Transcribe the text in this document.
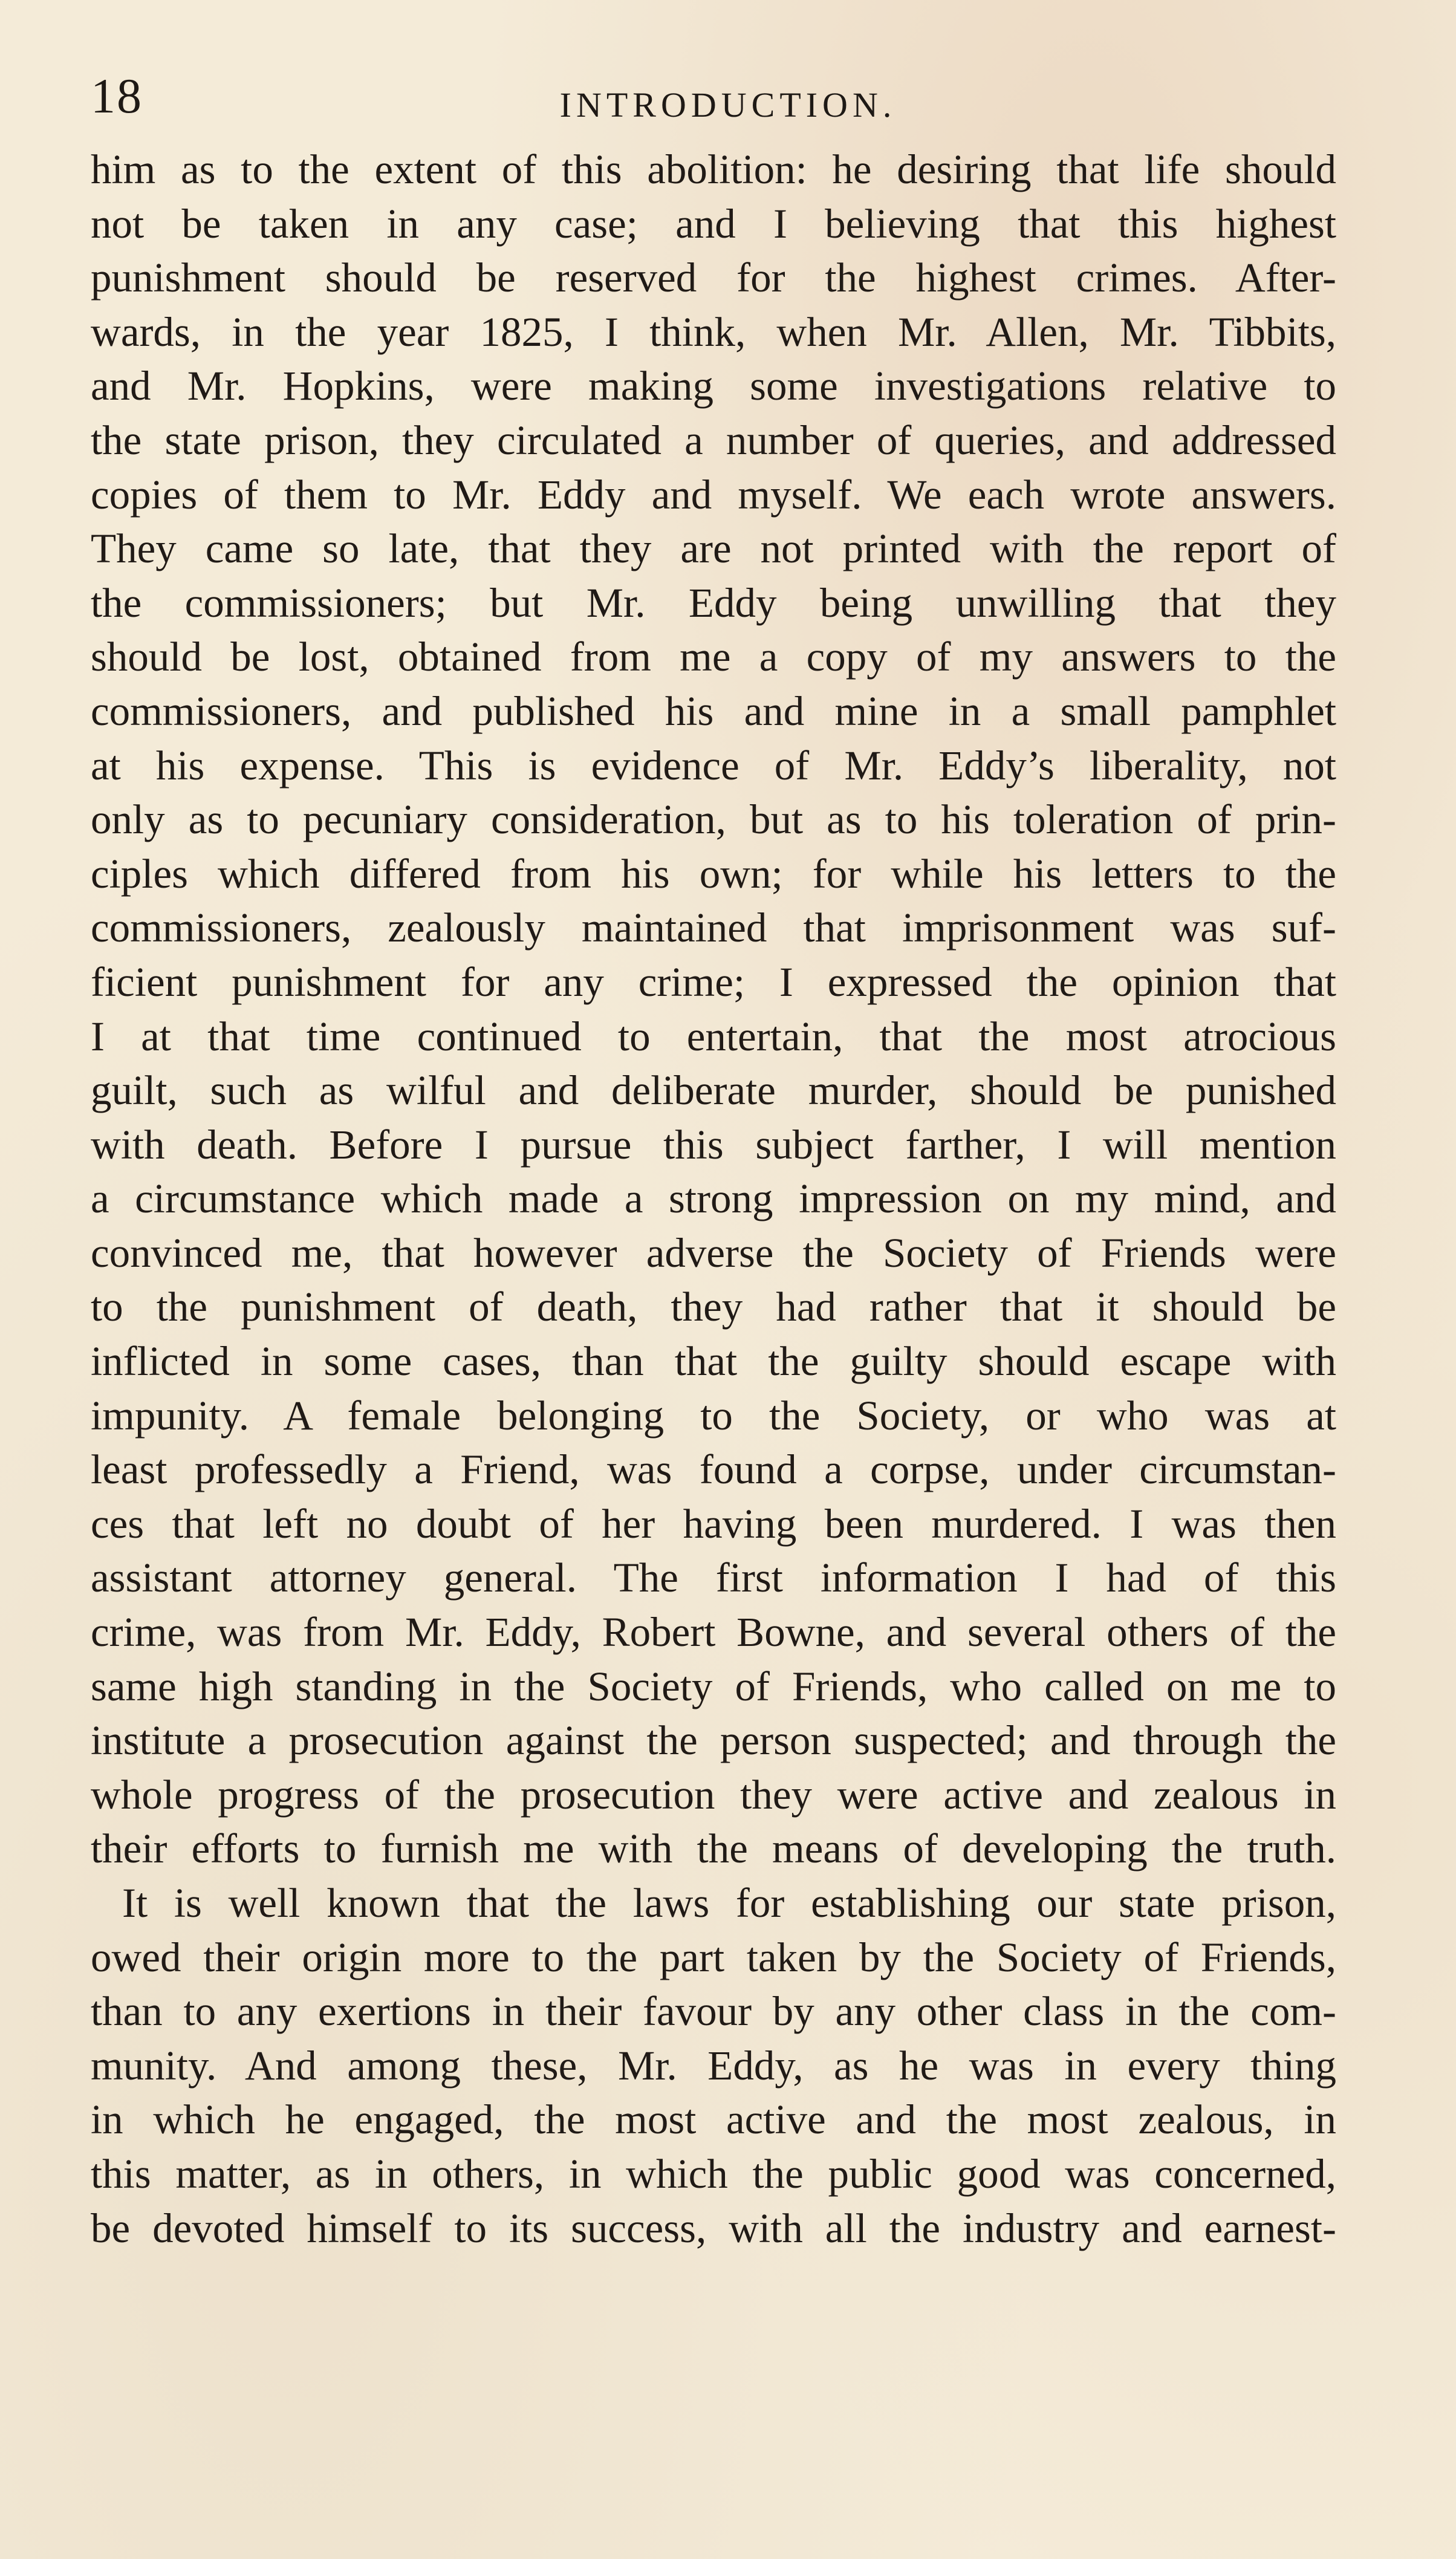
18	INTRODUCTION.
him as to the extent of this abolition: he desiring that life should
not be taken in any case; and I believing that this highest
punishment should be reserved for the highest crimes. After-
wards, in the year 1825, I think, when Mr. Allen, Mr. Tibbits,
and Mr. Hopkins, were making some investigations relative to
the state prison, they circulated a number of queries, and addressed
copies of them to Mr. Eddy and myself. We each wrote answers.
They came so late, that they are not printed with the report of
the commissioners; but Mr. Eddy being unwilling that they
should be lost, obtained from me a copy of my answers to the
commissioners, and published his and mine in a small pamphlet
at his expense. This is evidence of Mr. Eddy’s liberality, not
only as to pecuniary consideration, but as to his toleration of prin-
ciples which differed from his own; for while his letters to the
commissioners, zealously maintained that imprisonment was suf-
ficient punishment for any crime; I expressed the opinion that
I at that time continued to entertain, that the most atrocious
guilt, such as wilful and deliberate murder, should be punished
with death. Before I pursue this subject farther, I will mention
a circumstance which made a strong impression on my mind, and
convinced me, that however adverse the Society of Friends were
to the punishment of death, they had rather that it should be
inflicted in some cases, than that the guilty should escape with
impunity. A female belonging to the Society, or who was at
least professedly a Friend, was found a corpse, under circumstan-
ces that left no doubt of her having been murdered. I was then
assistant attorney general. The first information I had of this
crime, was from Mr. Eddy, Robert Bowne, and several others of the
same high standing in the Society of Friends, who called on me to
institute a prosecution against the person suspected; and through the
whole progress of the prosecution they were active and zealous in
their efforts to furnish me with the means of developing the truth.
It is well known that the laws for establishing our state prison,
owed their origin more to the part taken by the Society of Friends,
than to any exertions in their favour by any other class in the com-
munity. And among these, Mr. Eddy, as he was in every thing
in which he engaged, the most active and the most zealous, in
this matter, as in others, in which the public good was concerned,
be devoted himself to its success, with all the industry and earnest-
